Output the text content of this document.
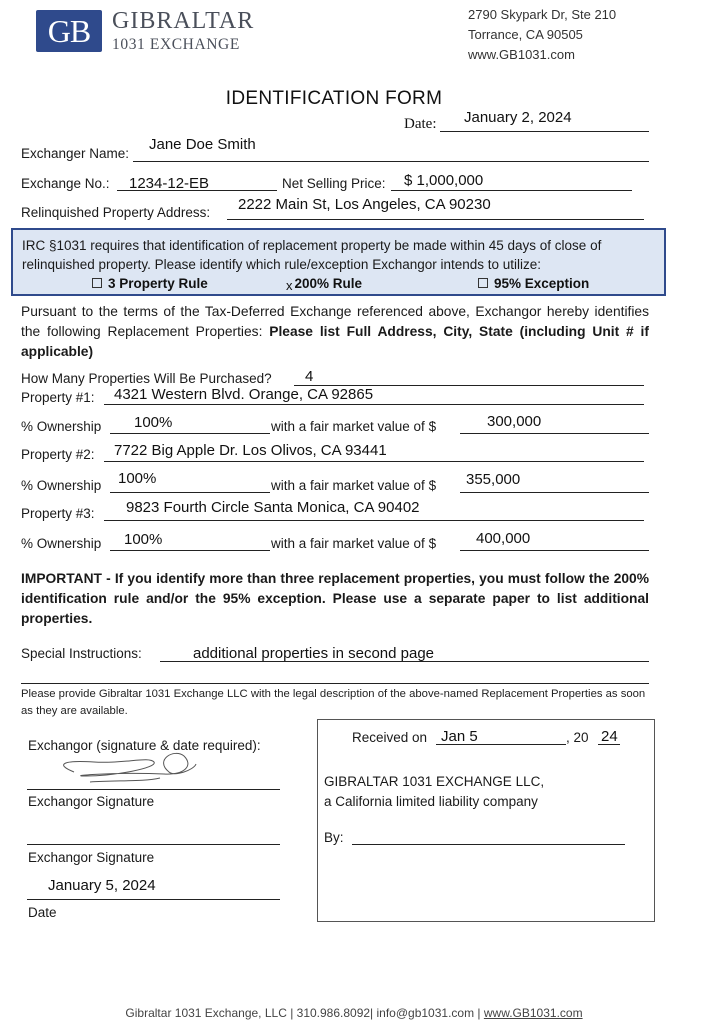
GB GIBRALTAR
1031 EXCHANGE
2790 Skypark Dr, Ste 210
Torrance, CA 90505
www.GB1031.com
IDENTIFICATION FORM
Date: January 2, 2024
Exchanger Name:
Jane Doe Smith
Exchange No.: 1234-12-EB	Net Selling Price: $ 1,000,000
Relinquished Property Address: 2222 Main St, Los Angeles, CA 90230
IRC §1031 requires that identification of replacement property be made within 45 days of close of relinquished property. Please identify which rule/exception Exchangor intends to utilize:
3 Property Rule	x 200% Rule	95% Exception
Pursuant to the terms of the Tax-Deferred Exchange referenced above, Exchangor hereby identifies the following Replacement Properties: Please list Full Address, City, State (including Unit # if applicable)
How Many Properties Will Be Purchased? 4
Property #1: 4321 Western Blvd. Orange, CA 92865
% Ownership 100%	with a fair market value of $	300,000
Property #2: 7722 Big Apple Dr. Los Olivos, CA 93441
% Ownership 100%	with a fair market value of $ 355,000
Property #3: 9823 Fourth Circle Santa Monica, CA 90402
% Ownership 100%	with a fair market value of $	400,000
IMPORTANT - If you identify more than three replacement properties, you must follow the 200% identification rule and/or the 95% exception. Please use a separate paper to list additional properties.
Special Instructions:	additional properties in second page
Please provide Gibraltar 1031 Exchange LLC with the legal description of the above-named Replacement Properties as soon as they are available.
Exchangor (signature & date required):
Exchangor Signature
Exchangor Signature
January 5, 2024
Date
Received on Jan 5	, 20 24
GIBRALTAR 1031 EXCHANGE LLC,
a California limited liability company
By:
Gibraltar 1031 Exchange, LLC | 310.986.8092| info@gb1031.com | www.GB1031.com
